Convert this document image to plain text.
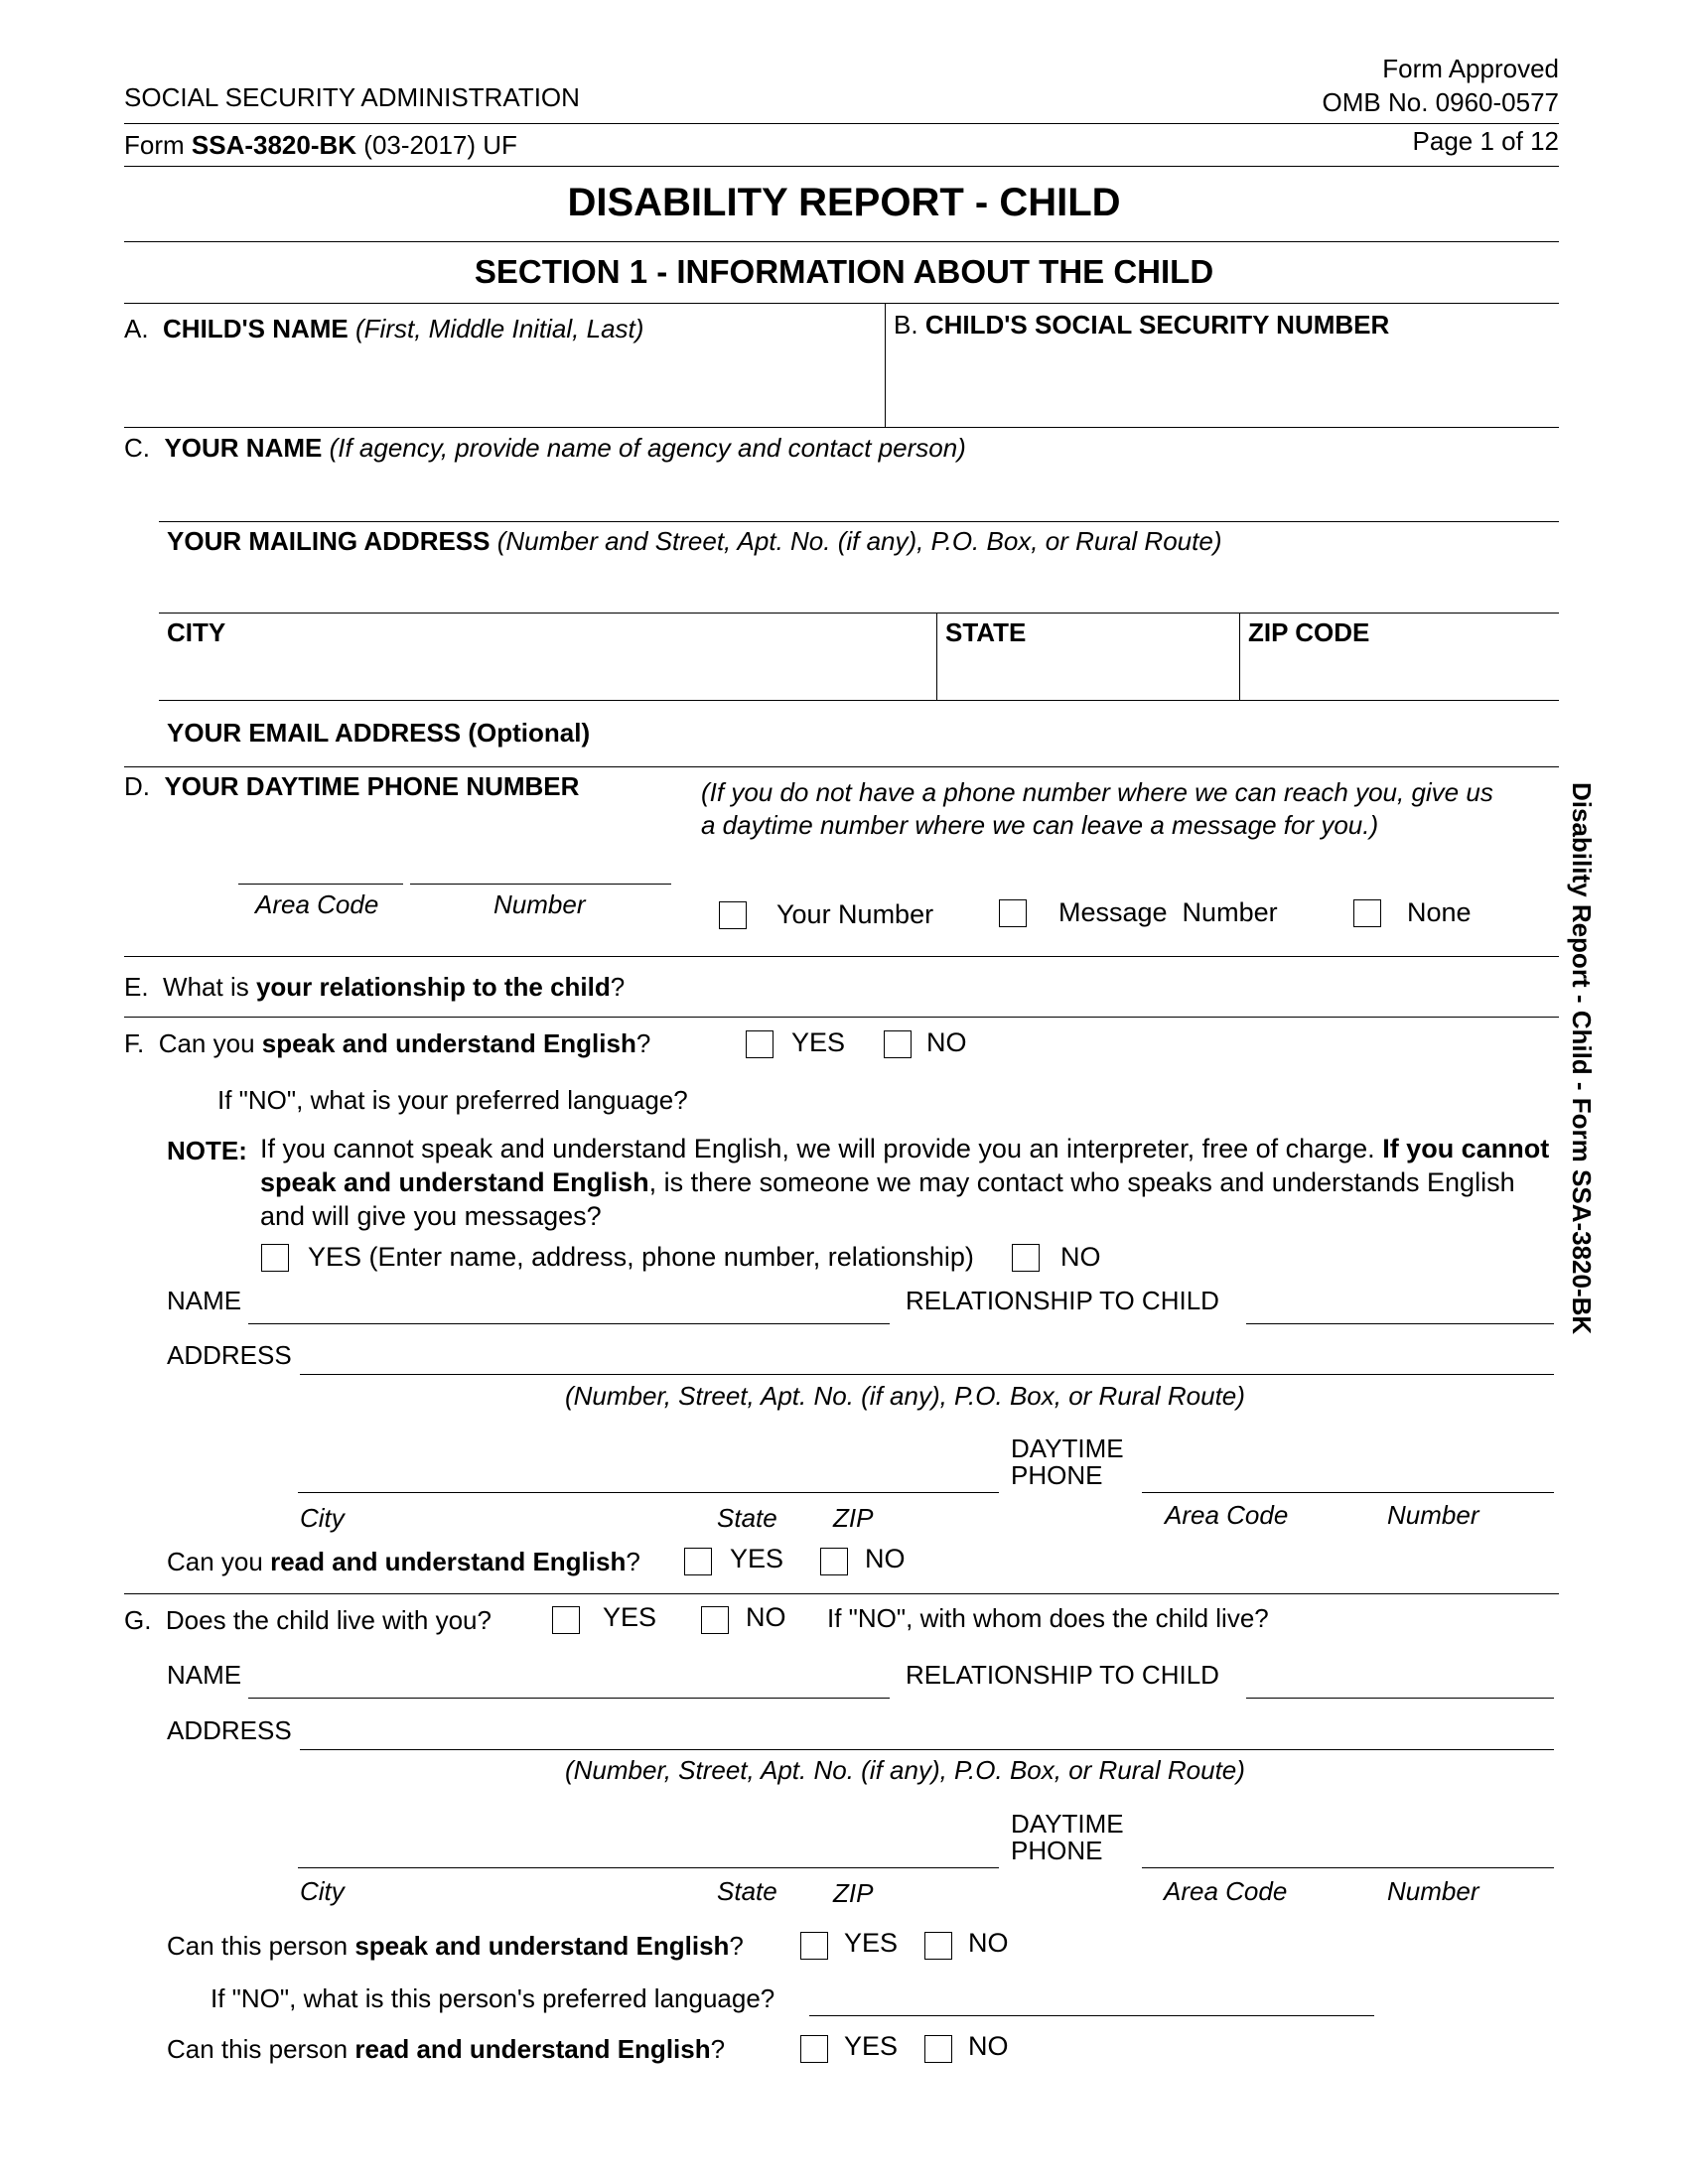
SOCIAL SECURITY ADMINISTRATION
Form Approved
OMB No. 0960-0577
Form SSA-3820-BK (03-2017) UF	Page 1 of 12
DISABILITY REPORT - CHILD
SECTION 1 - INFORMATION ABOUT THE CHILD
Disability Report - Child - Form SSA-3820-BK
A. CHILD'S NAME (First, Middle Initial, Last)	B. CHILD'S SOCIAL SECURITY NUMBER
C. YOUR NAME (If agency, provide name of agency and contact person)
YOUR MAILING ADDRESS (Number and Street, Apt. No. (if any), P.O. Box, or Rural Route)
CITY	STATE	ZIP CODE
YOUR EMAIL ADDRESS (Optional)
D. YOUR DAYTIME PHONE NUMBER	(If you do not have a phone number where we can reach you, give us
a daytime number where we can leave a message for you.)
Area Code	Number	Your Number	Message  Number	None
E. What is your relationship to the child?
F. Can you speak and understand English?	YES	NO
If "NO", what is your preferred language?
NOTE: If you cannot speak and understand English, we will provide you an interpreter, free of charge. If you cannot speak and understand English, is there someone we may contact who speaks and understands English and will give you messages?
YES (Enter name, address, phone number, relationship)	NO
NAME	RELATIONSHIP TO CHILD
ADDRESS
(Number, Street, Apt. No. (if any), P.O. Box, or Rural Route)
DAYTIME
PHONE
City	State ZIP	Area Code	Number
Can you read and understand English?	YES	NO
G. Does the child live with you?	YES	NO If "NO", with whom does the child live?
NAME	RELATIONSHIP TO CHILD
ADDRESS
(Number, Street, Apt. No. (if any), P.O. Box, or Rural Route)
DAYTIME
PHONE
City	State ZIP	Area Code	Number
Can this person speak and understand English?	YES	NO
If "NO", what is this person's preferred language?
Can this person read and understand English?	YES	NO
